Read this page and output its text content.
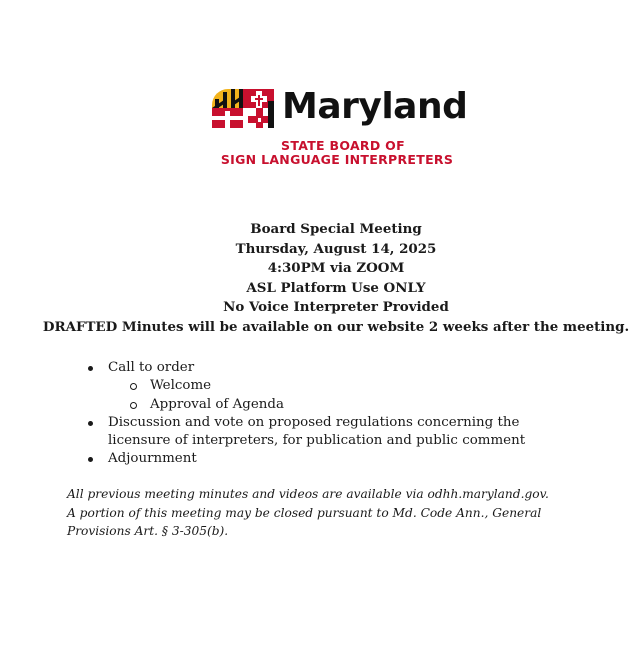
Maryland
STATE BOARD OF
SIGN LANGUAGE INTERPRETERS
Board Special Meeting
Thursday, August 14, 2025
4:30PM via ZOOM
ASL Platform Use ONLY
No Voice Interpreter Provided
DRAFTED Minutes will be available on our website 2 weeks after the meeting.
Call to order
Welcome
Approval of Agenda
Discussion and vote on proposed regulations concerning the licensure of interpreters, for publication and public comment
Adjournment
All previous meeting minutes and videos are available via odhh.maryland.gov. A portion of this meeting may be closed pursuant to Md. Code Ann., General Provisions Art. § 3-305(b).
